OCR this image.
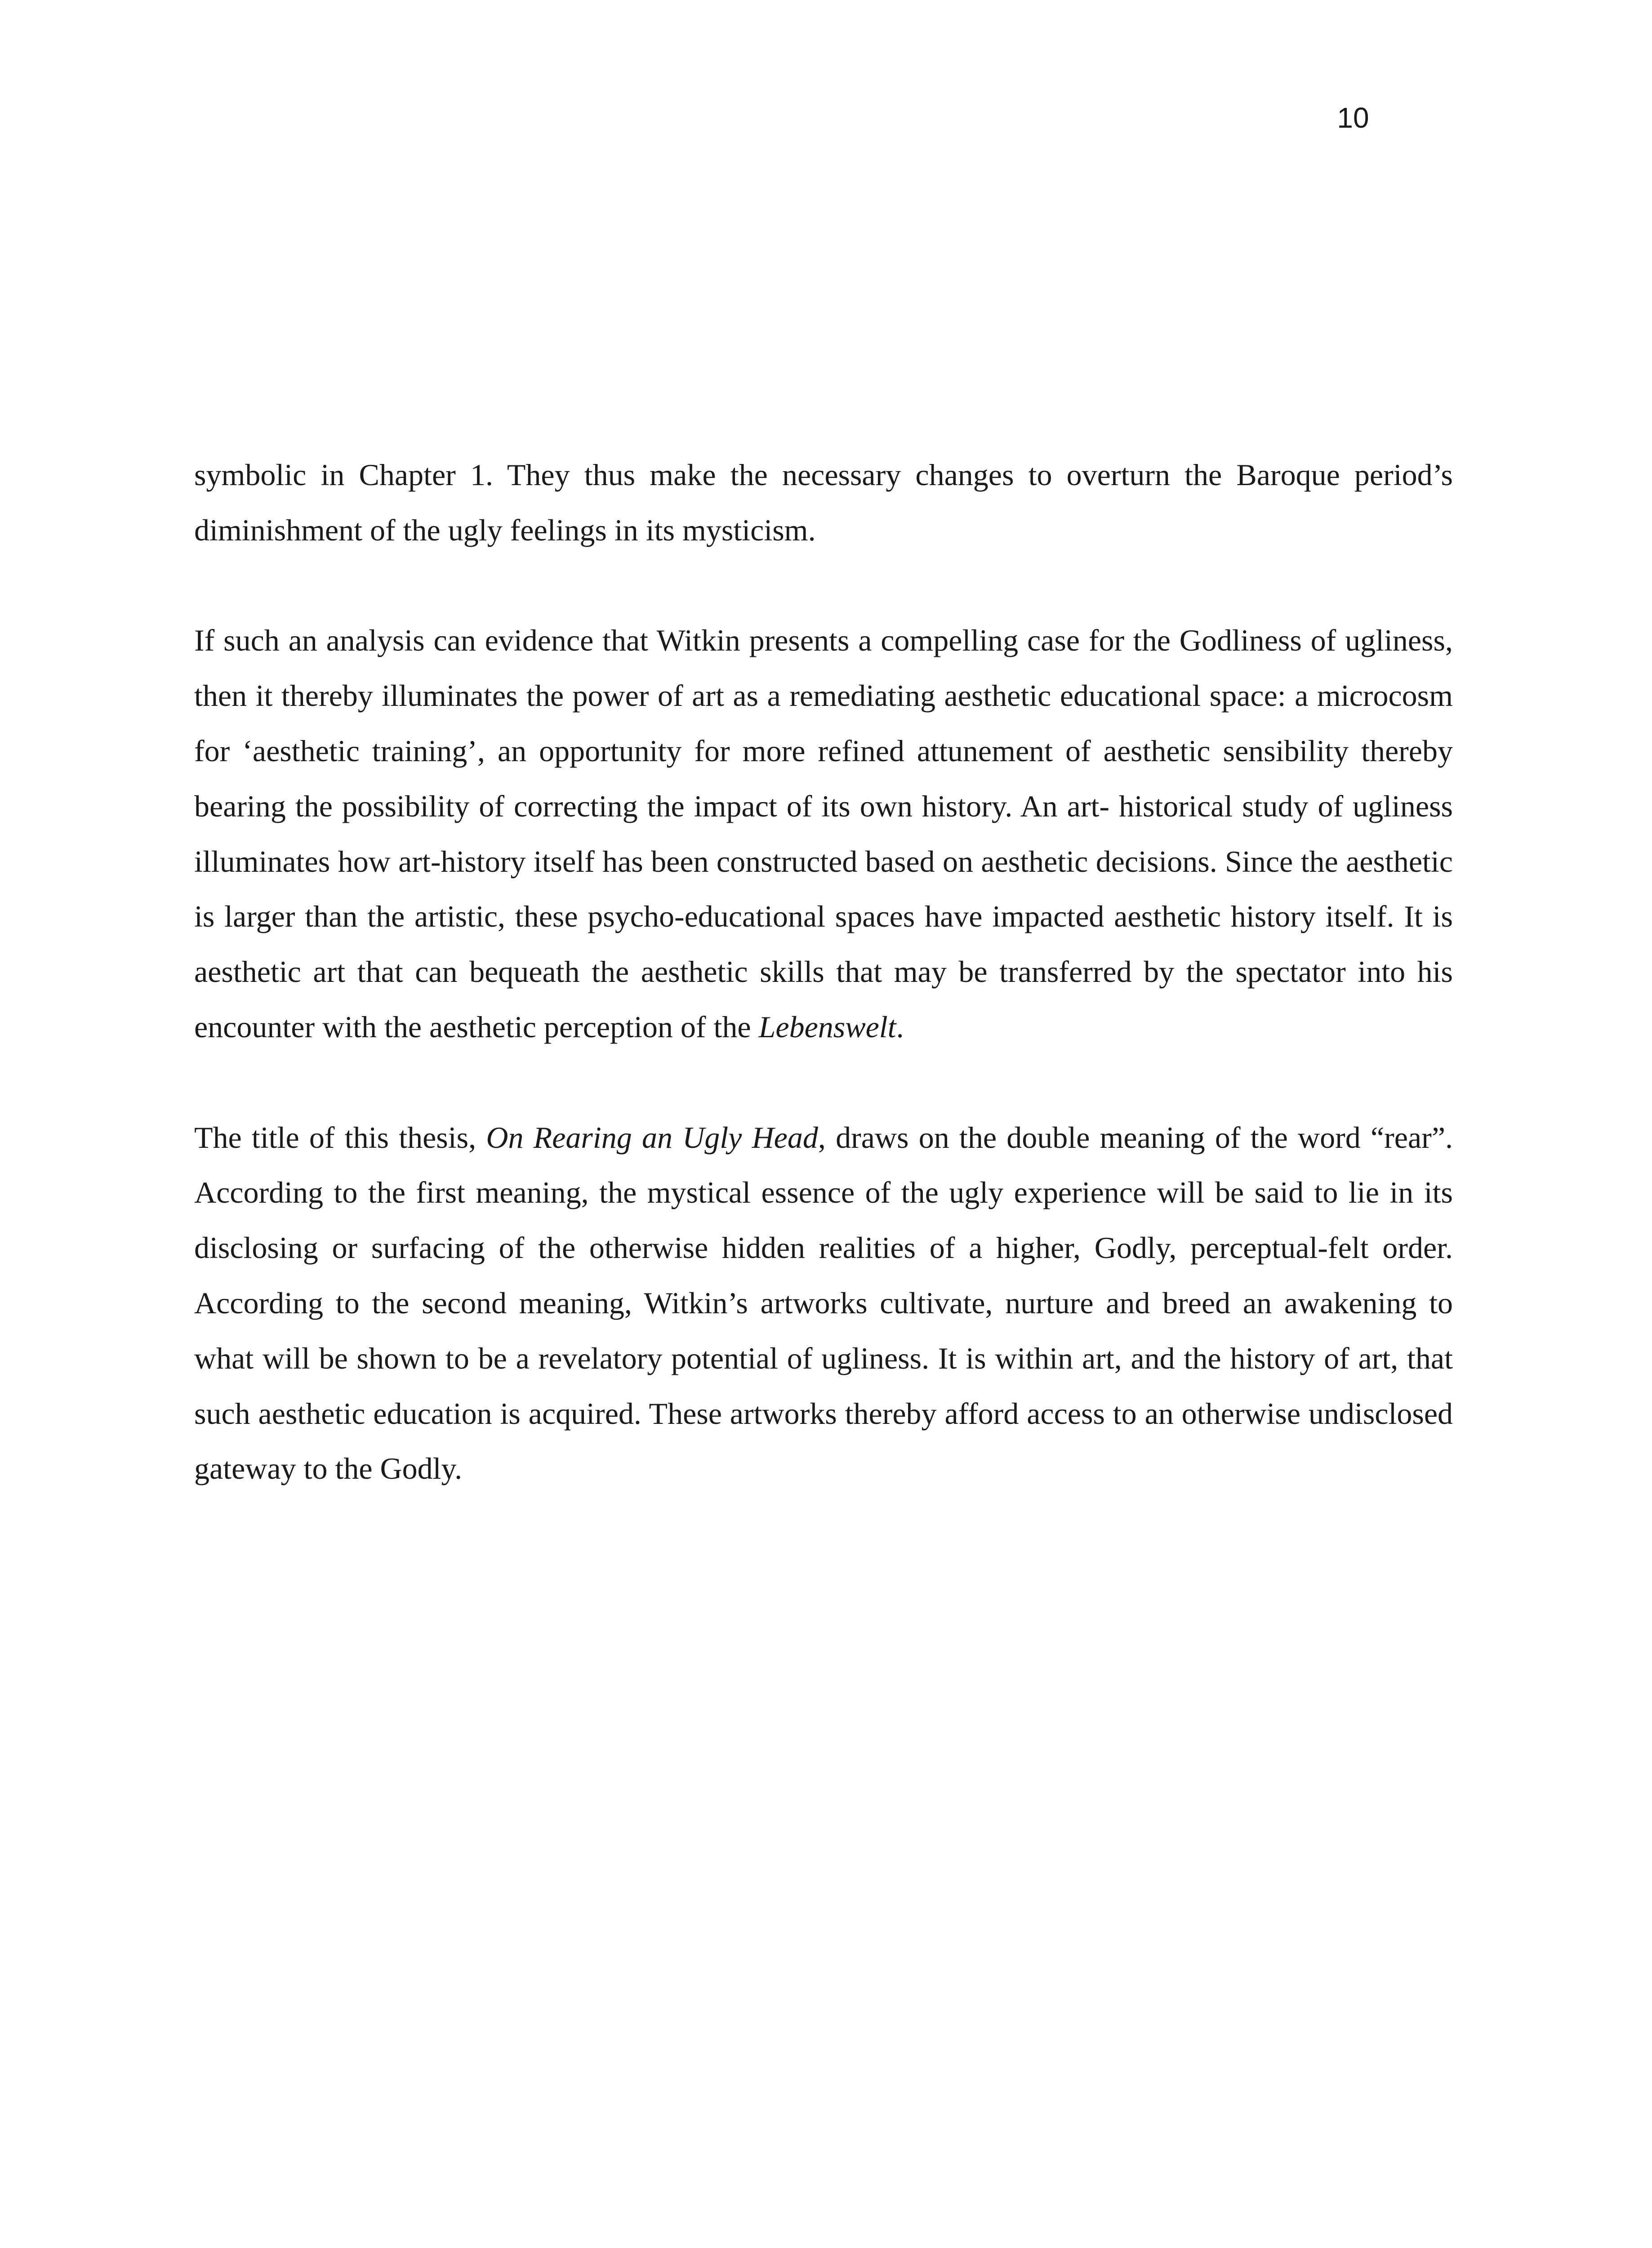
10

symbolic in Chapter 1. They thus make the necessary changes to overturn the Baroque period’s diminishment of the ugly feelings in its mysticism.

If such an analysis can evidence that Witkin presents a compelling case for the Godliness of ugliness, then it thereby illuminates the power of art as a remediating aesthetic educational space: a microcosm for ‘aesthetic training’, an opportunity for more refined attunement of aesthetic sensibility thereby bearing the possibility of correcting the impact of its own history. An art- historical study of ugliness illuminates how art-history itself has been constructed based on aesthetic decisions. Since the aesthetic is larger than the artistic, these psycho-educational spaces have impacted aesthetic history itself. It is aesthetic art that can bequeath the aesthetic skills that may be transferred by the spectator into his encounter with the aesthetic perception of the Lebenswelt.

The title of this thesis, On Rearing an Ugly Head, draws on the double meaning of the word “rear”. According to the first meaning, the mystical essence of the ugly experience will be said to lie in its disclosing or surfacing of the otherwise hidden realities of a higher, Godly, perceptual-felt order. According to the second meaning, Witkin’s artworks cultivate, nurture and breed an awakening to what will be shown to be a revelatory potential of ugliness. It is within art, and the history of art, that such aesthetic education is acquired. These artworks thereby afford access to an otherwise undisclosed gateway to the Godly.
